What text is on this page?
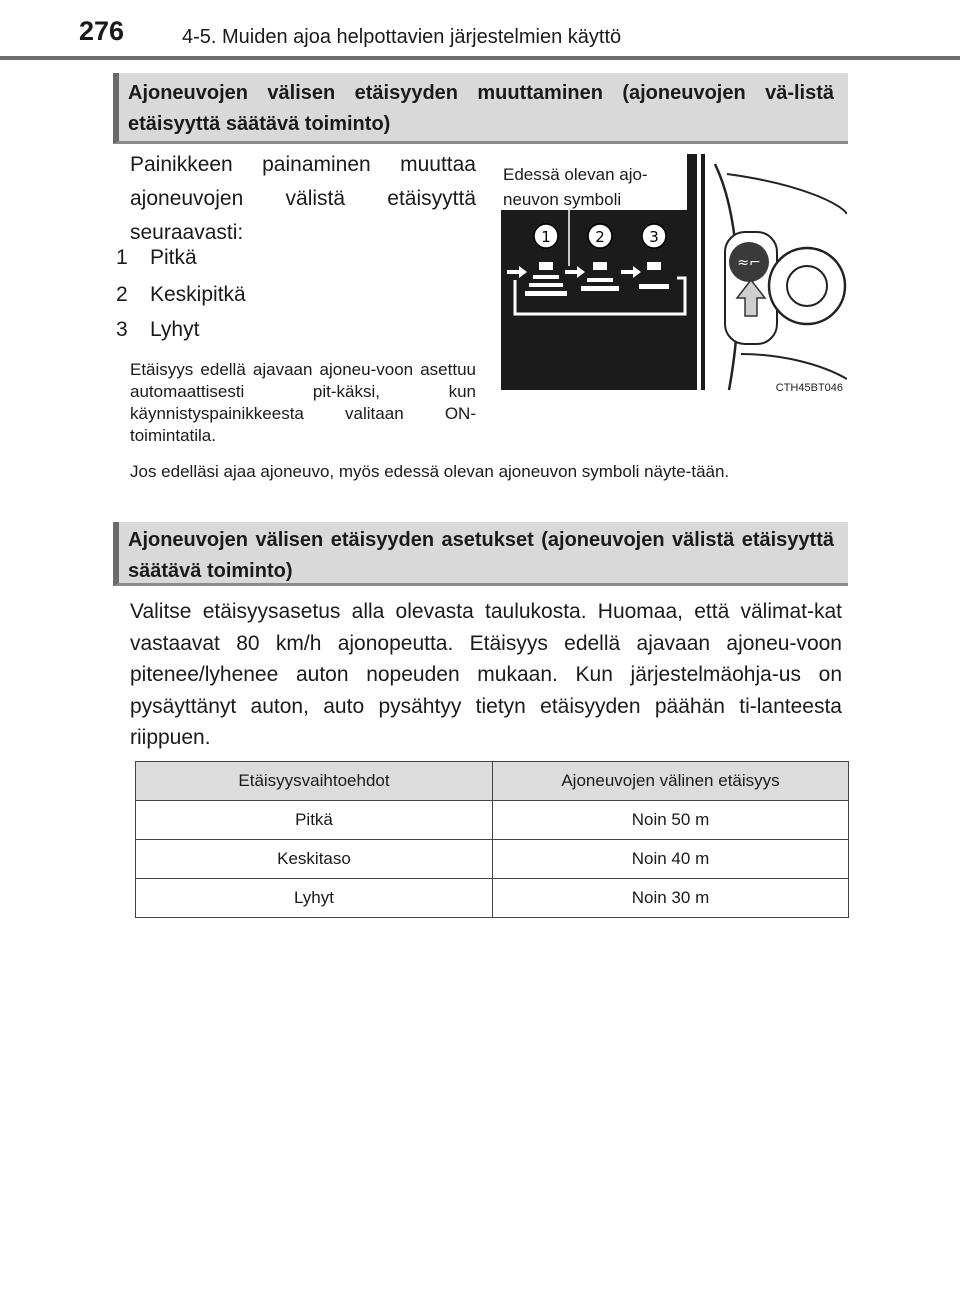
276	4-5. Muiden ajoa helpottavien järjestelmien käyttö
Ajoneuvojen välisen etäisyyden muuttaminen (ajoneuvojen vä-listä etäisyyttä säätävä toiminto)
Painikkeen painaminen muuttaa ajoneuvojen välistä etäisyyttä seuraavasti:
1 Pitkä
2 Keskipitkä
3 Lyhyt
Etäisyys edellä ajavaan ajoneu-voon asettuu automaattisesti pit-käksi, kun käynnistyspainikkeesta valitaan ON-toimintatila.
≈⌐
1	2	3
Edessä olevan ajo-
neuvon symboli
CTH45BT046
Jos edelläsi ajaa ajoneuvo, myös edessä olevan ajoneuvon symboli näyte-tään.
Ajoneuvojen välisen etäisyyden asetukset (ajoneuvojen välistä etäisyyttä säätävä toiminto)
Valitse etäisyysasetus alla olevasta taulukosta. Huomaa, että välimat-kat vastaavat 80 km/h ajonopeutta. Etäisyys edellä ajavaan ajoneu-voon pitenee/lyhenee auton nopeuden mukaan. Kun järjestelmäohja-us on pysäyttänyt auton, auto pysähtyy tietyn etäisyyden päähän ti-lanteesta riippuen.
Etäisyysvaihtoehdot	Ajoneuvojen välinen etäisyys
Pitkä	Noin 50 m
Keskitaso	Noin 40 m
Lyhyt	Noin 30 m
